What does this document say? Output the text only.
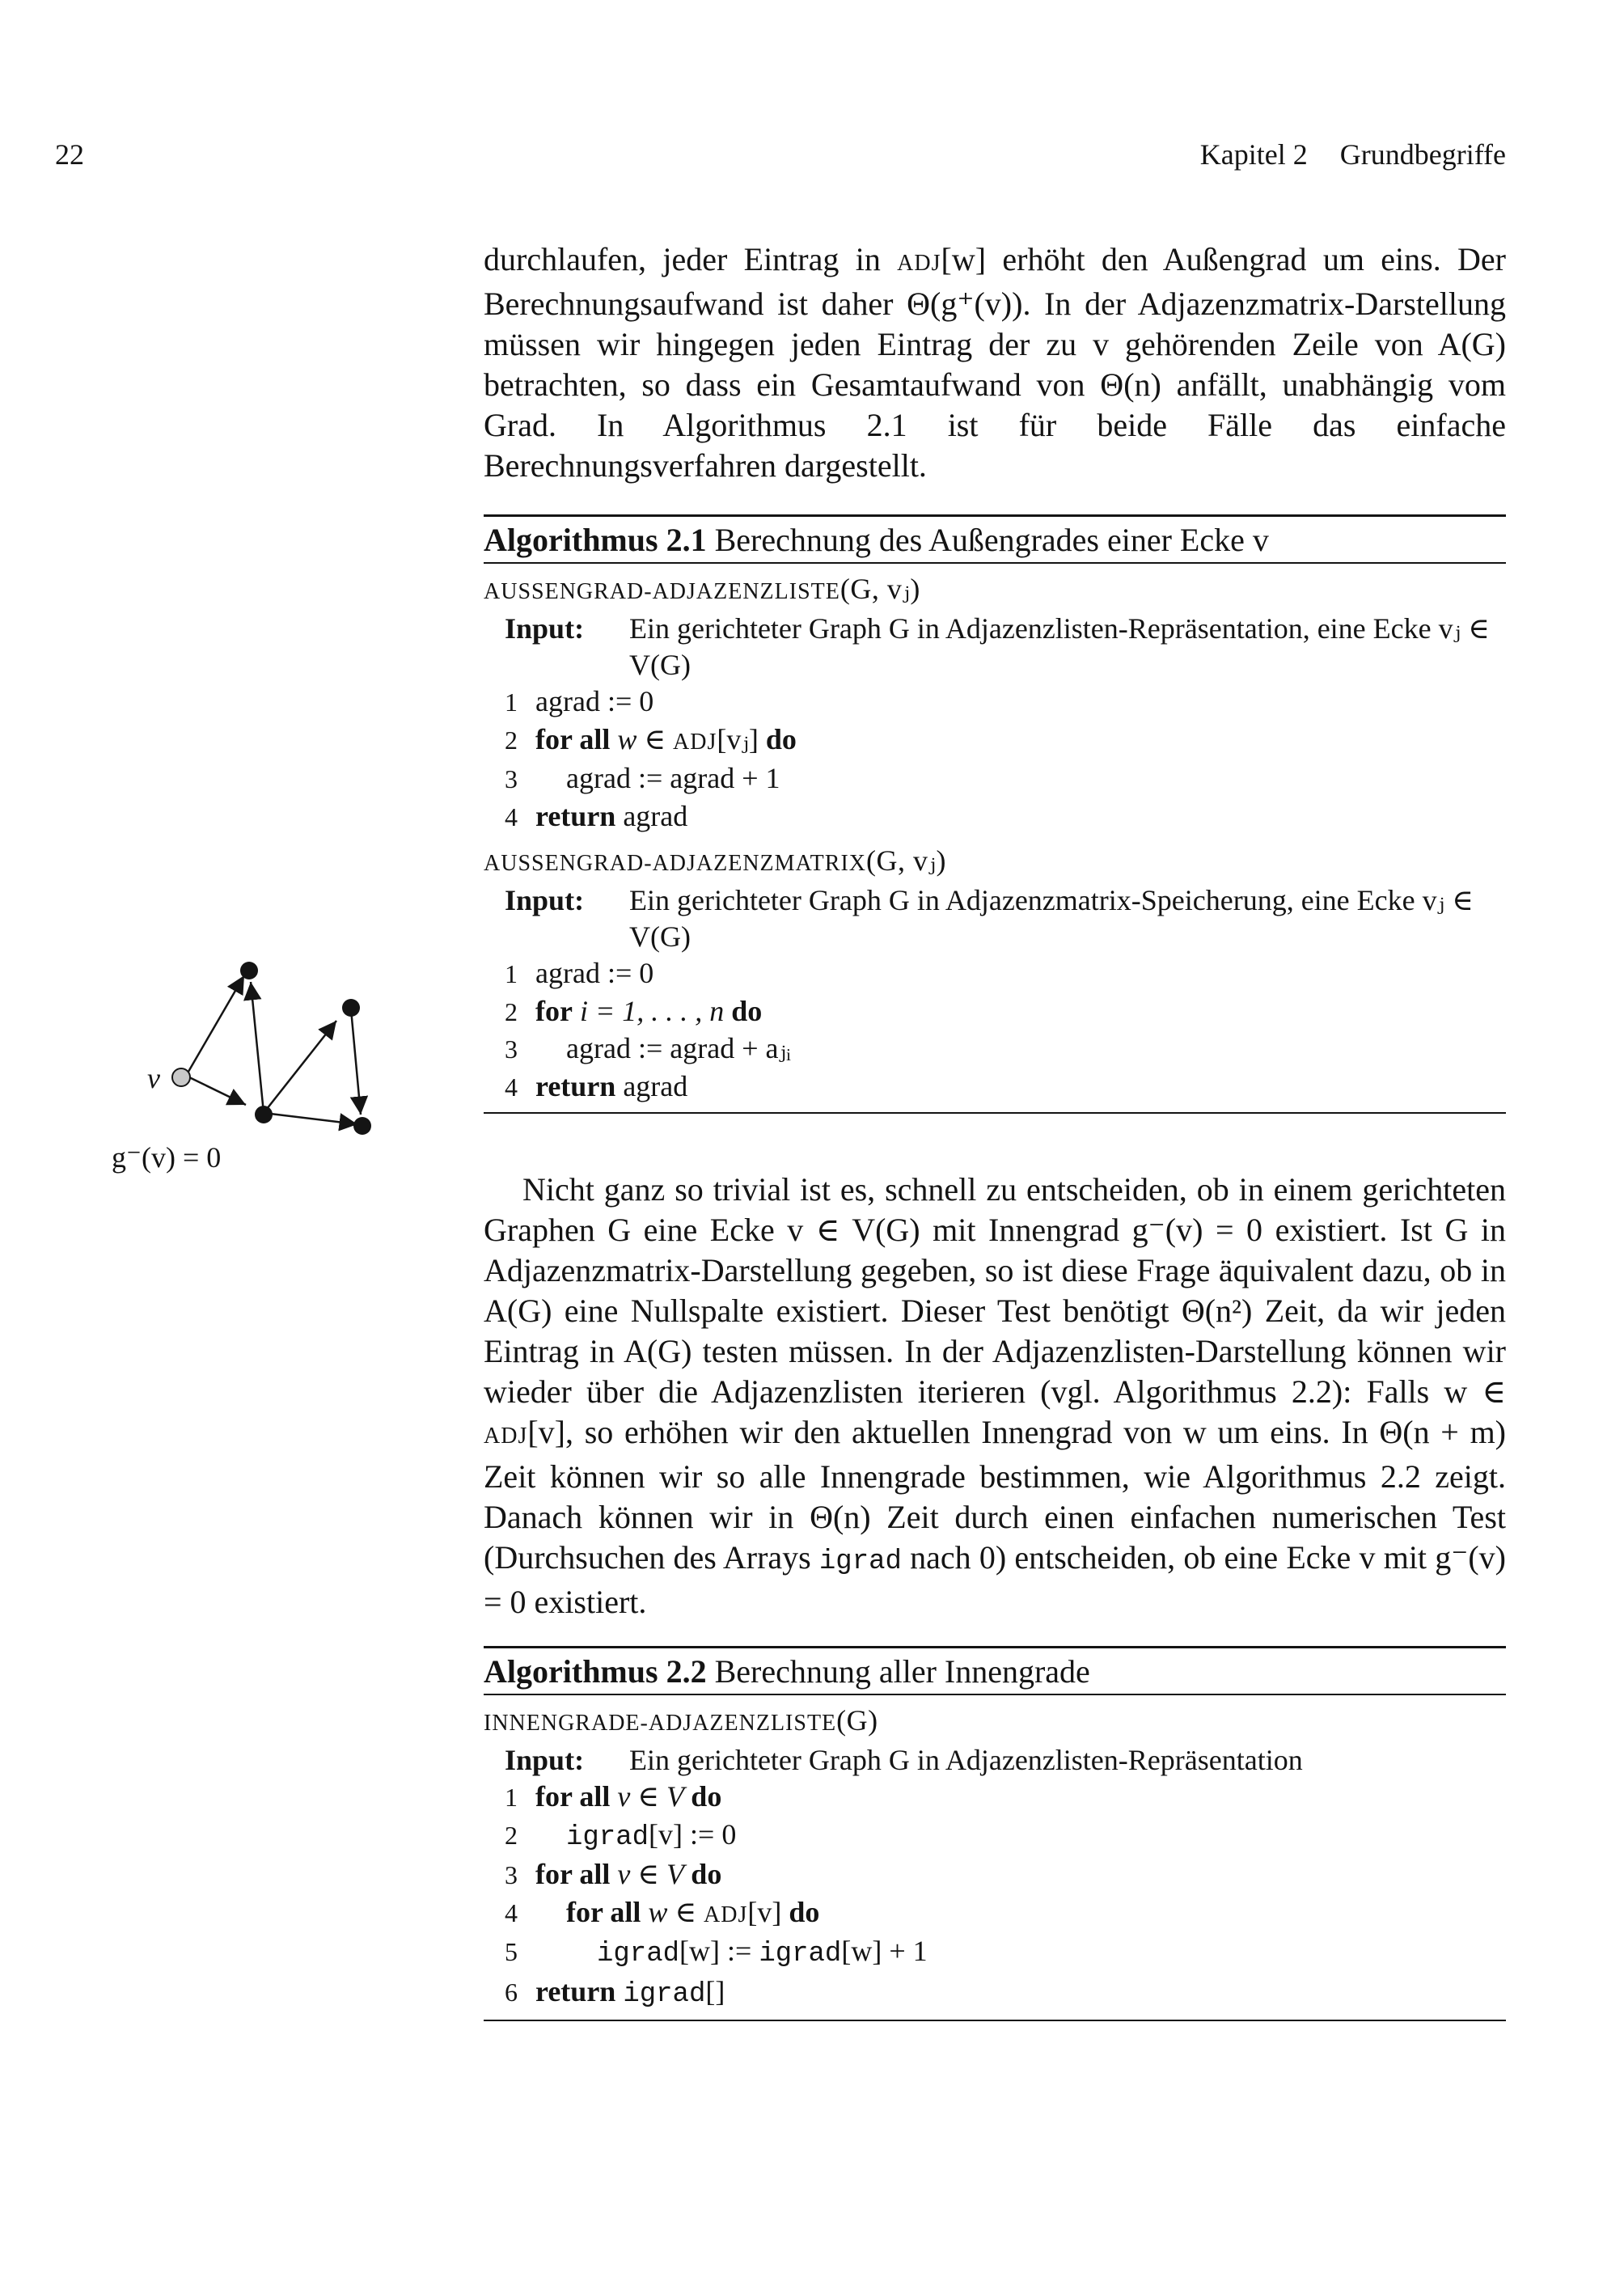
22	Kapitel 2 Grundbegriffe

durchlaufen, jeder Eintrag in ADJ[w] erhöht den Außengrad um eins. Der Berechnungsaufwand ist daher Θ(g⁺(v)). In der Adjazenzmatrix-Darstellung müssen wir hingegen jeden Eintrag der zu v gehörenden Zeile von A(G) betrachten, so dass ein Gesamtaufwand von Θ(n) anfällt, unabhängig vom Grad. In Algorithmus 2.1 ist für beide Fälle das einfache Berechnungsverfahren dargestellt.

Algorithmus 2.1 Berechnung des Außengrades einer Ecke v
AUSSENGRAD-ADJAZENZLISTE(G, vⱼ)
Input:	Ein gerichteter Graph G in Adjazenzlisten-Repräsentation, eine Ecke vⱼ ∈ V(G)
1 agrad := 0
2 for all w ∈ ADJ[vⱼ] do
3 agrad := agrad + 1
4 return agrad
AUSSENGRAD-ADJAZENZMATRIX(G, vⱼ)
Input:	Ein gerichteter Graph G in Adjazenzmatrix-Speicherung, eine Ecke vⱼ ∈ V(G)
1 agrad := 0
2 for i = 1, . . . , n do
3 agrad := agrad + aⱼᵢ
4 return agrad
v
g⁻(v) = 0

Nicht ganz so trivial ist es, schnell zu entscheiden, ob in einem gerichteten Graphen G eine Ecke v ∈ V(G) mit Innengrad g⁻(v) = 0 existiert. Ist G in Adjazenzmatrix-Darstellung gegeben, so ist diese Frage äquivalent dazu, ob in A(G) eine Nullspalte existiert. Dieser Test benötigt Θ(n²) Zeit, da wir jeden Eintrag in A(G) testen müssen. In der Adjazenzlisten-Darstellung können wir wieder über die Adjazenzlisten iterieren (vgl. Algorithmus 2.2): Falls w ∈ ADJ[v], so erhöhen wir den aktuellen Innengrad von w um eins. In Θ(n + m) Zeit können wir so alle Innengrade bestimmen, wie Algorithmus 2.2 zeigt. Danach können wir in Θ(n) Zeit durch einen einfachen numerischen Test (Durchsuchen des Arrays igrad nach 0) entscheiden, ob eine Ecke v mit g⁻(v) = 0 existiert.

Algorithmus 2.2 Berechnung aller Innengrade
INNENGRADE-ADJAZENZLISTE(G)
Input:	Ein gerichteter Graph G in Adjazenzlisten-Repräsentation
1 for all v ∈ V do
2 igrad[v] := 0
3 for all v ∈ V do
4 for all w ∈ ADJ[v] do
5	igrad[w] := igrad[w] + 1
6 return igrad[]
